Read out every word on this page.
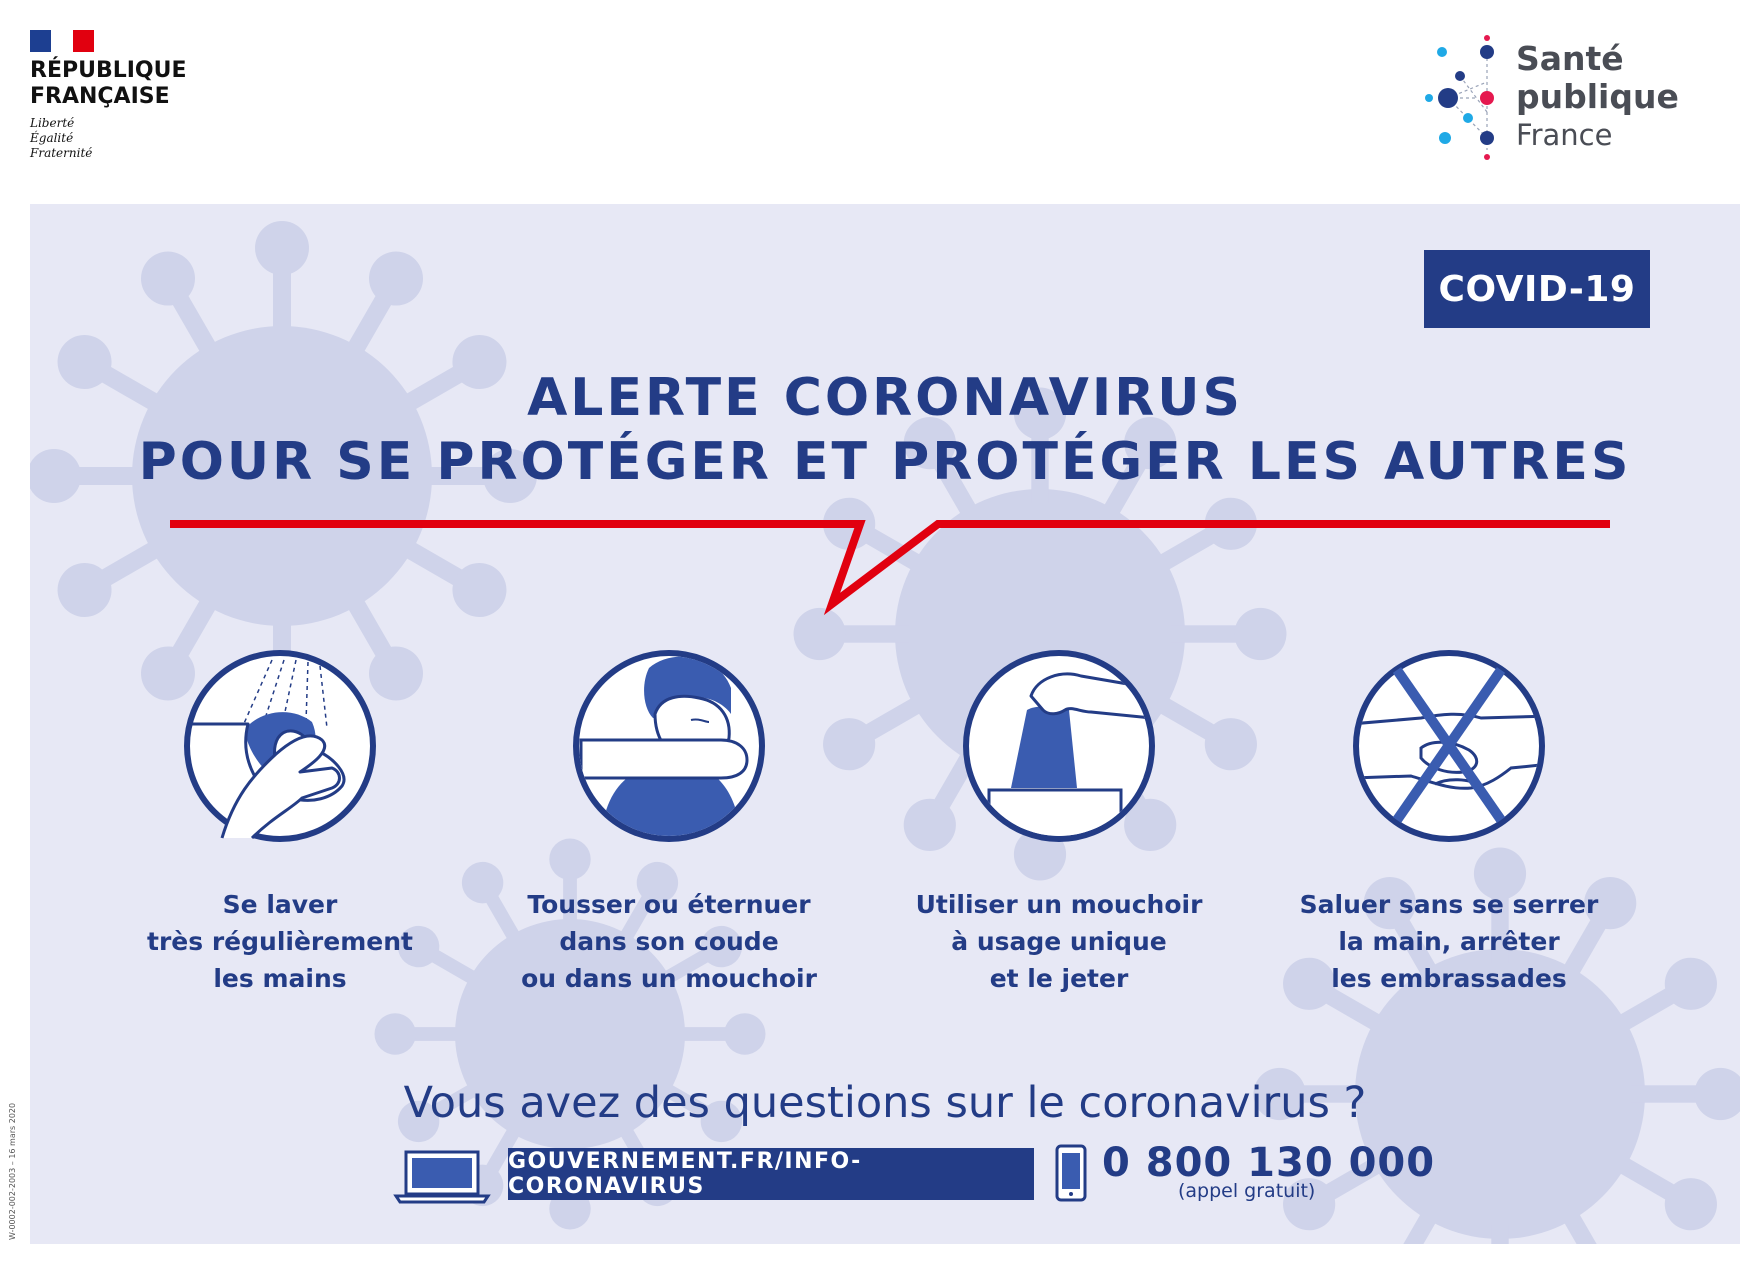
RÉPUBLIQUE
FRANÇAISE
Liberté
Égalité
Fraternité
Santé
publique
France
COVID-19
ALERTE CORONAVIRUS
POUR SE PROTÉGER ET PROTÉGER LES AUTRES
Se laver
très régulièrement
les mains
Tousser ou éternuer
dans son coude
ou dans un mouchoir
Utiliser un mouchoir
à usage unique
et le jeter
Saluer sans se serrer
la main, arrêter
les embrassades
Vous avez des questions sur le coronavirus ?
GOUVERNEMENT.FR/INFO-CORONAVIRUS
0 800 130 000
(appel gratuit)
W-0002-002-2003 – 16 mars 2020
